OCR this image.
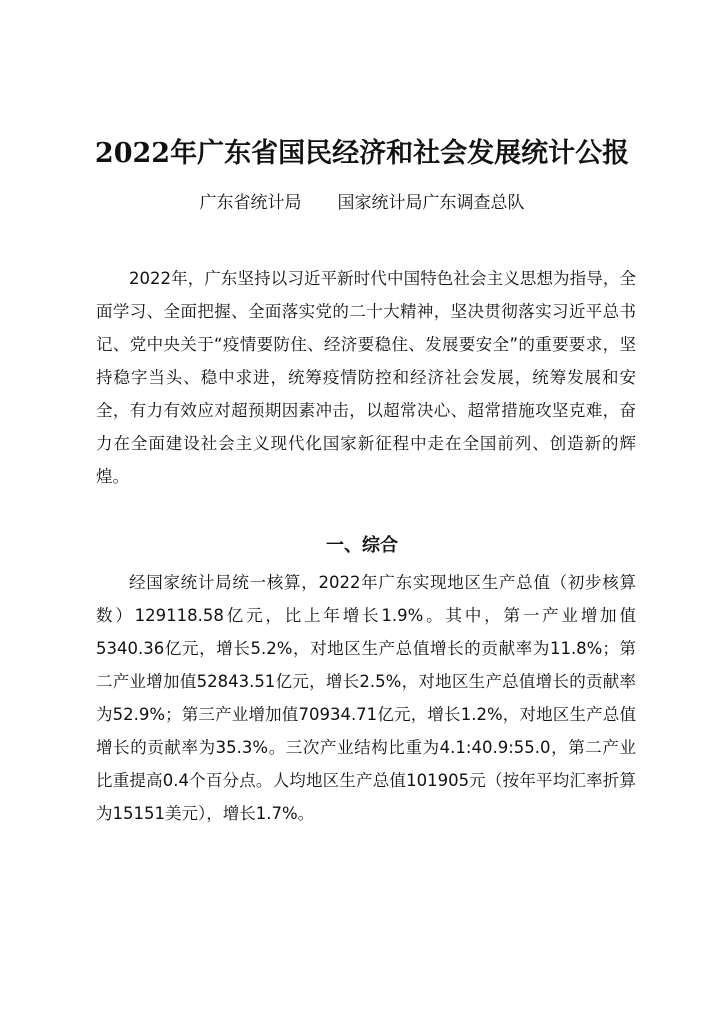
2022年广东省国民经济和社会发展统计公报
广东省统计局 国家统计局广东调查总队

2022年，广东坚持以习近平新时代中国特色社会主义思想为指导，全面学习、全面把握、全面落实党的二十大精神，坚决贯彻落实习近平总书记、党中央关于“疫情要防住、经济要稳住、发展要安全”的重要要求，坚持稳字当头、稳中求进，统筹疫情防控和经济社会发展，统筹发展和安全，有力有效应对超预期因素冲击，以超常决心、超常措施攻坚克难，奋力在全面建设社会主义现代化国家新征程中走在全国前列、创造新的辉煌。

一、综合

经国家统计局统一核算，2022年广东实现地区生产总值（初步核算数）129118.58亿元，比上年增长1.9%。其中，第一产业增加值5340.36亿元，增长5.2%，对地区生产总值增长的贡献率为11.8%；第二产业增加值52843.51亿元，增长2.5%，对地区生产总值增长的贡献率为52.9%；第三产业增加值70934.71亿元，增长1.2%，对地区生产总值增长的贡献率为35.3%。三次产业结构比重为4.1:40.9:55.0，第二产业比重提高0.4个百分点。人均地区生产总值101905元（按年平均汇率折算为15151美元），增长1.7%。
